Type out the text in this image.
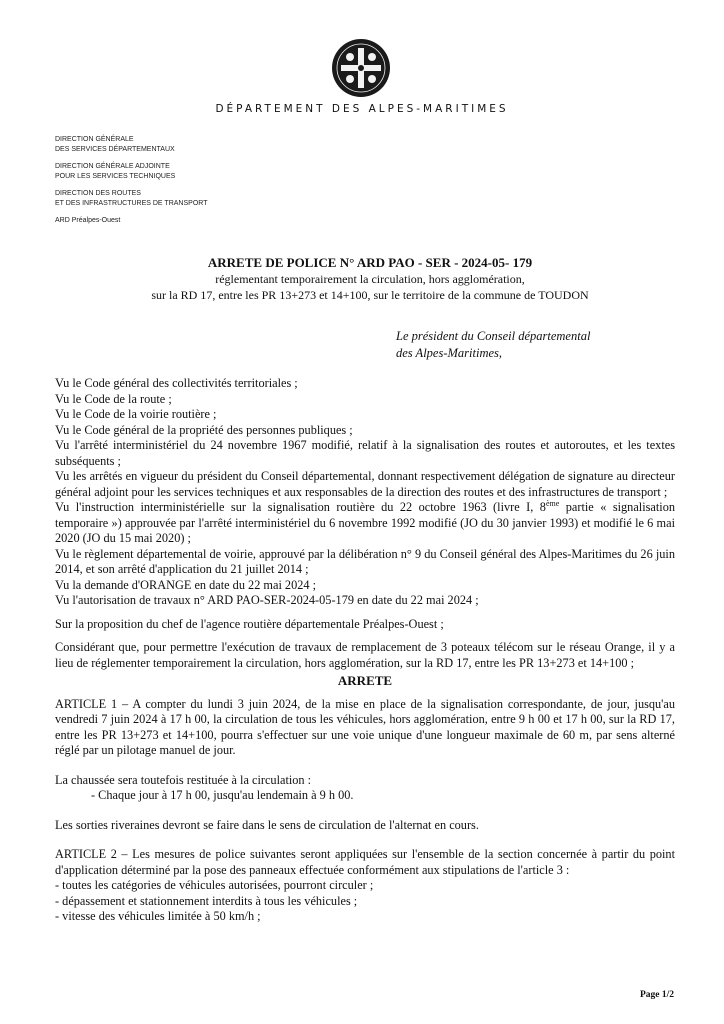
DÉPARTEMENT DES ALPES-MARITIMES
DIRECTION GÉNÉRALE
DES SERVICES DÉPARTEMENTAUX
DIRECTION GÉNÉRALE ADJOINTE
POUR LES SERVICES TECHNIQUES
DIRECTION DES ROUTES
ET DES INFRASTRUCTURES DE TRANSPORT
ARD Préalpes-Ouest
ARRETE DE POLICE N° ARD PAO - SER - 2024-05- 179
réglementant temporairement la circulation, hors agglomération,
sur la RD 17, entre les PR 13+273 et 14+100, sur le territoire de la commune de TOUDON
Le président du Conseil départemental
des Alpes-Maritimes,

Vu le Code général des collectivités territoriales ;

Vu le Code de la route ;

Vu le Code de la voirie routière ;

Vu le Code général de la propriété des personnes publiques ;

Vu l'arrêté interministériel du 24 novembre 1967 modifié, relatif à la signalisation des routes et autoroutes, et les textes subséquents ;

Vu les arrêtés en vigueur du président du Conseil départemental, donnant respectivement délégation de signature au directeur général adjoint pour les services techniques et aux responsables de la direction des routes et des infrastructures de transport ;

Vu l'instruction interministérielle sur la signalisation routière du 22 octobre 1963 (livre I, 8ème partie « signalisation temporaire ») approuvée par l'arrêté interministériel du 6 novembre 1992 modifié (JO du 30 janvier 1993) et modifié le 6 mai 2020 (JO du 15 mai 2020) ;

Vu le règlement départemental de voirie, approuvé par la délibération n° 9 du Conseil général des Alpes-Maritimes du 26 juin 2014, et son arrêté d'application du 21 juillet 2014 ;

Vu la demande d'ORANGE en date du 22 mai 2024 ;

Vu l'autorisation de travaux n° ARD PAO-SER-2024-05-179 en date du 22 mai 2024 ;

Sur la proposition du chef de l'agence routière départementale Préalpes-Ouest ;

Considérant que, pour permettre l'exécution de travaux de remplacement de 3 poteaux télécom sur le réseau Orange, il y a lieu de réglementer temporairement la circulation, hors agglomération, sur la RD 17, entre les PR 13+273 et 14+100 ;

ARRETE

ARTICLE 1 – A compter du lundi 3 juin 2024, de la mise en place de la signalisation correspondante, de jour, jusqu'au vendredi 7 juin 2024 à 17 h 00, la circulation de tous les véhicules, hors agglomération, entre 9 h 00 et 17 h 00, sur la RD 17, entre les PR 13+273 et 14+100, pourra s'effectuer sur une voie unique d'une longueur maximale de 60 m, par sens alterné réglé par un pilotage manuel de jour.

La chaussée sera toutefois restituée à la circulation :

- Chaque jour à 17 h 00, jusqu'au lendemain à 9 h 00.

Les sorties riveraines devront se faire dans le sens de circulation de l'alternat en cours.

ARTICLE 2 – Les mesures de police suivantes seront appliquées sur l'ensemble de la section concernée à partir du point d'application déterminé par la pose des panneaux effectuée conformément aux stipulations de l'article 3 :

- toutes les catégories de véhicules autorisées, pourront circuler ;

- dépassement et stationnement interdits à tous les véhicules ;

- vitesse des véhicules limitée à 50 km/h ;

Page 1/2
